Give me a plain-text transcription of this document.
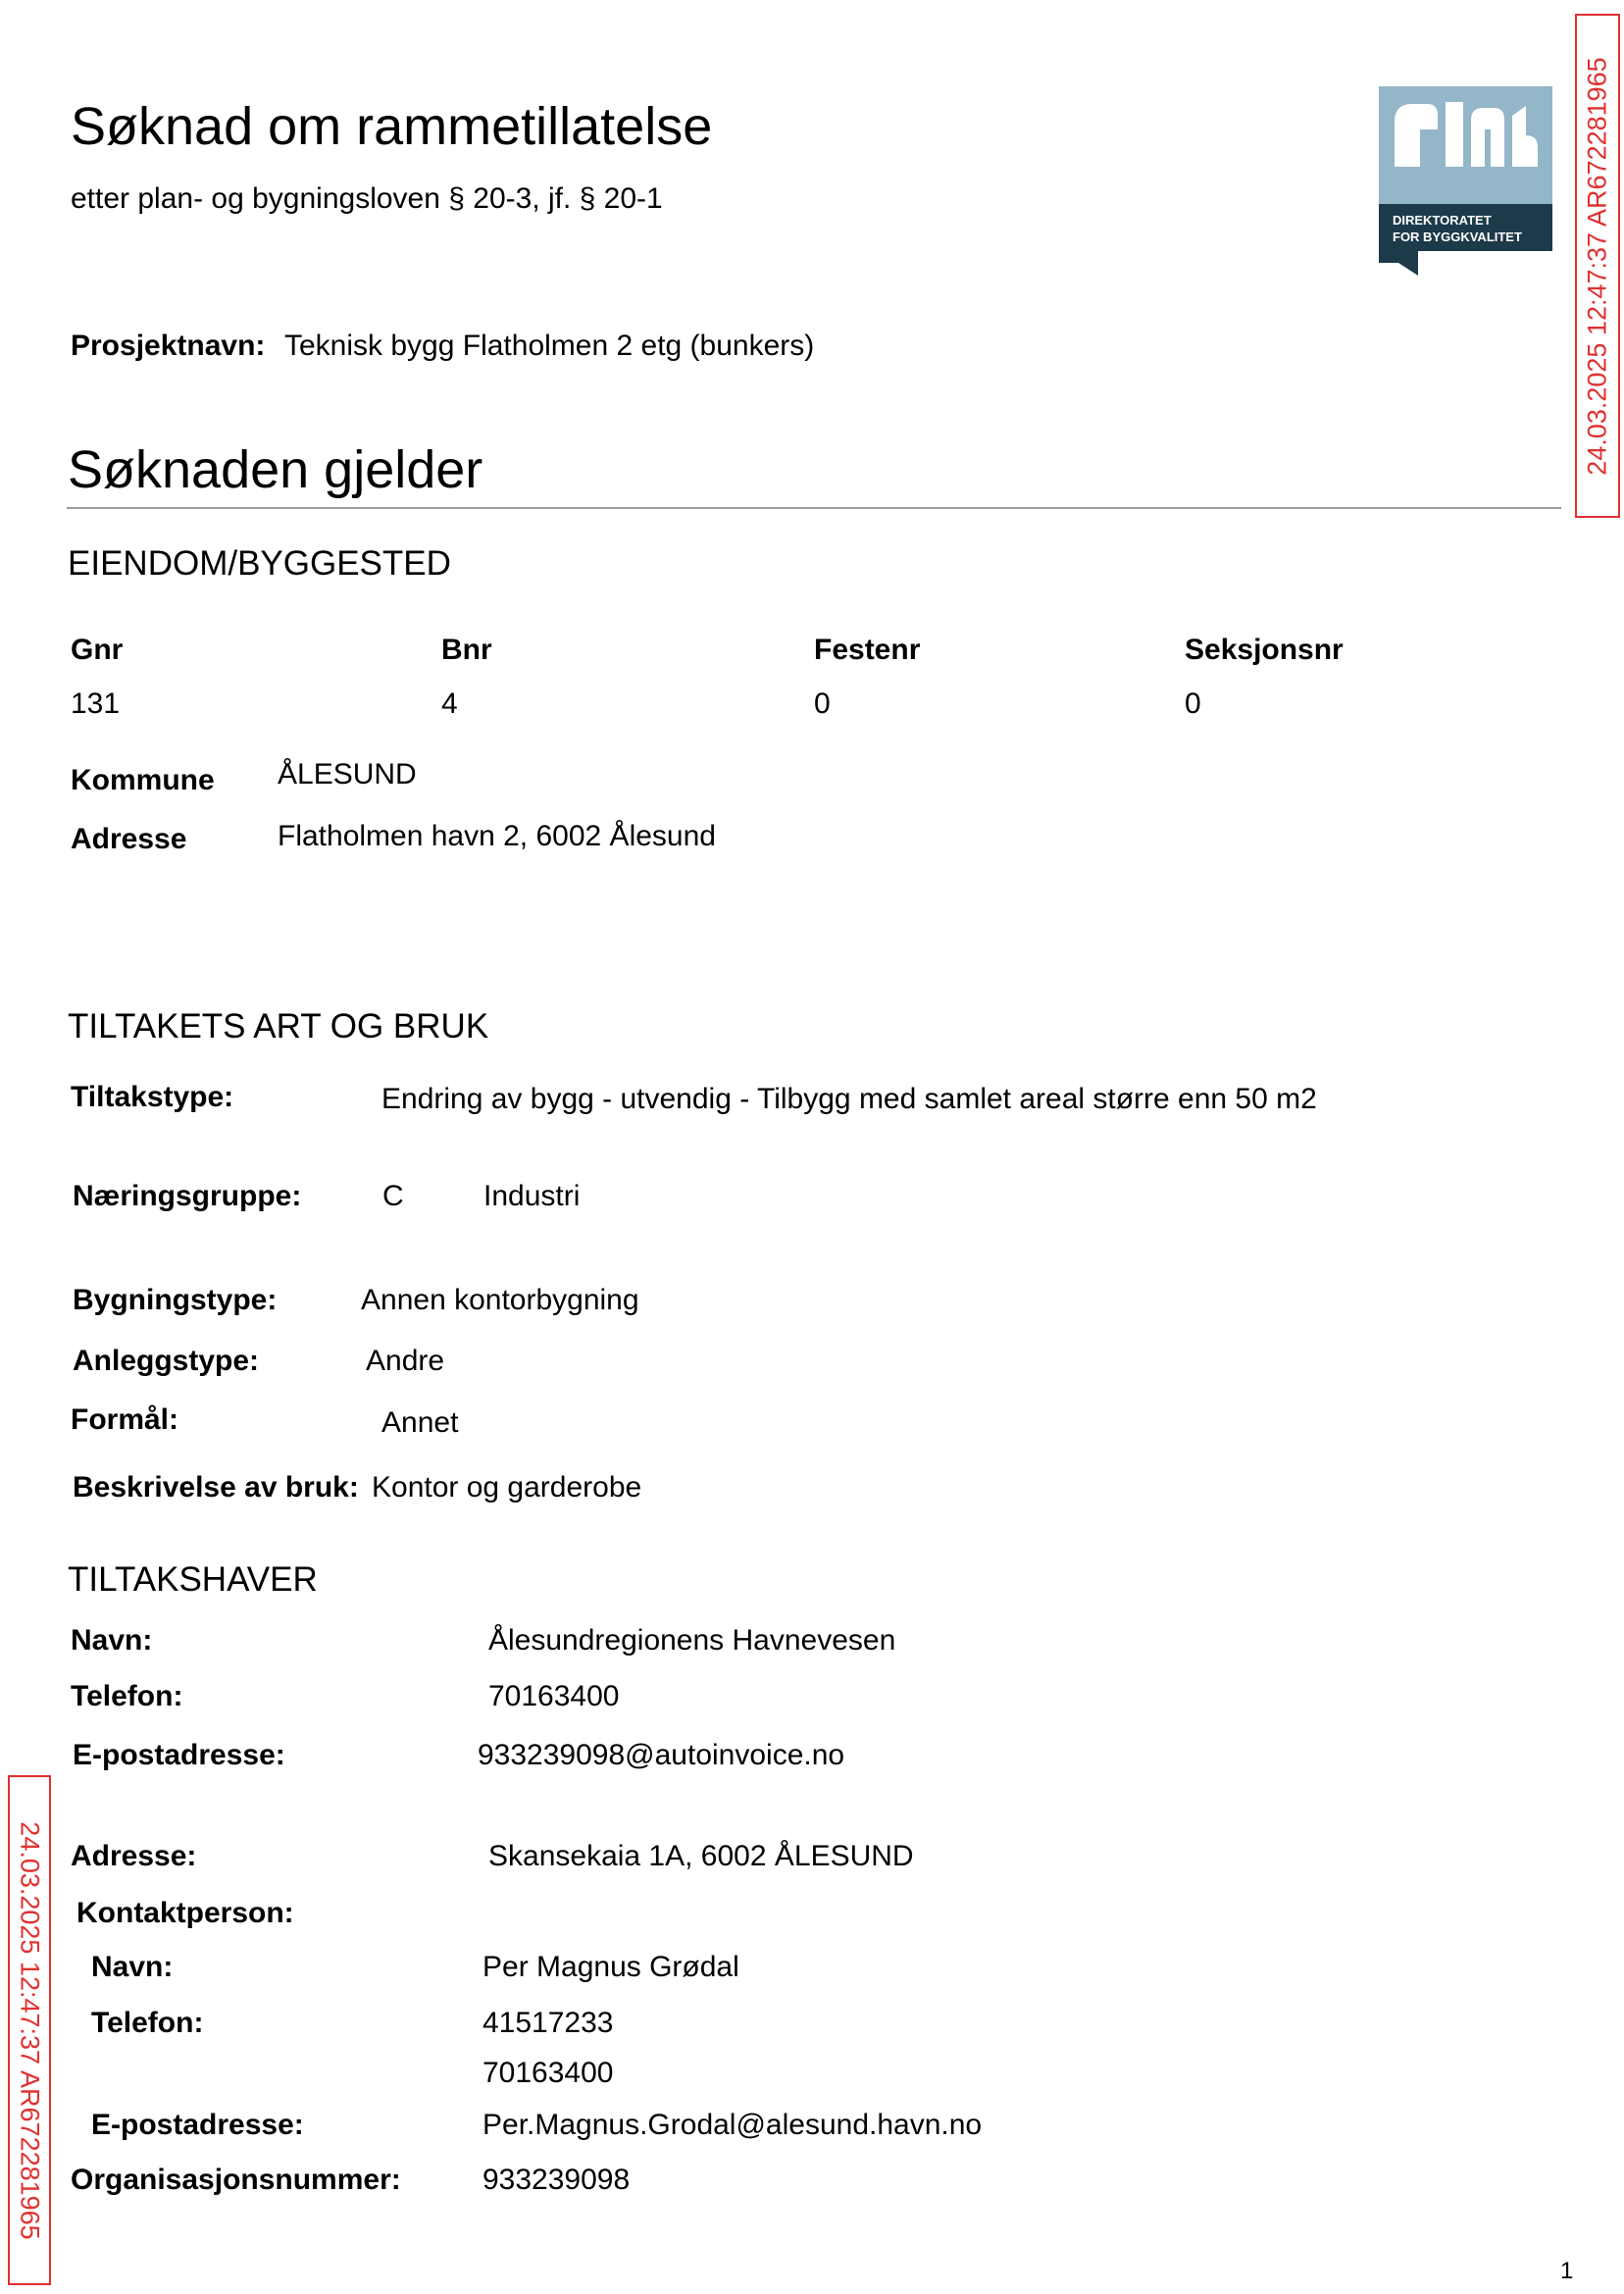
Søknad om rammetillatelse
etter plan- og bygningsloven § 20-3, jf. § 20-1
DIREKTORATET
FOR BYGGKVALITET 24.03.2025 12:47:37 AR672281965
Prosjektnavn: Teknisk bygg Flatholmen 2 etg (bunkers)
Søknaden gjelder
EIENDOM/BYGGESTED
Gnr	Bnr	Festenr	Seksjonsnr
131	4	0	0
Kommune ÅLESUND
Adresse	Flatholmen havn 2, 6002 Ålesund
TILTAKETS ART OG BRUK
Tiltakstype:	Endring av bygg - utvendig - Tilbygg med samlet areal større enn 50 m2
Næringsgruppe:	C	Industri
Bygningstype:	Annen kontorbygning
Anleggstype:	Andre
Formål:	Annet
Beskrivelse av bruk: Kontor og garderobe
TILTAKSHAVER
Navn:	Ålesundregionens Havnevesen
Telefon:	70163400
E-postadresse:	933239098@autoinvoice.no
Adresse:	Skansekaia 1A, 6002 ÅLESUND
Kontaktperson:
Navn:	Per Magnus Grødal
Telefon:	41517233
70163400
E-postadresse:	Per.Magnus.Grodal@alesund.havn.no
Organisasjonsnummer:	933239098
24.03.2025 12:47:37 AR672281965
1
